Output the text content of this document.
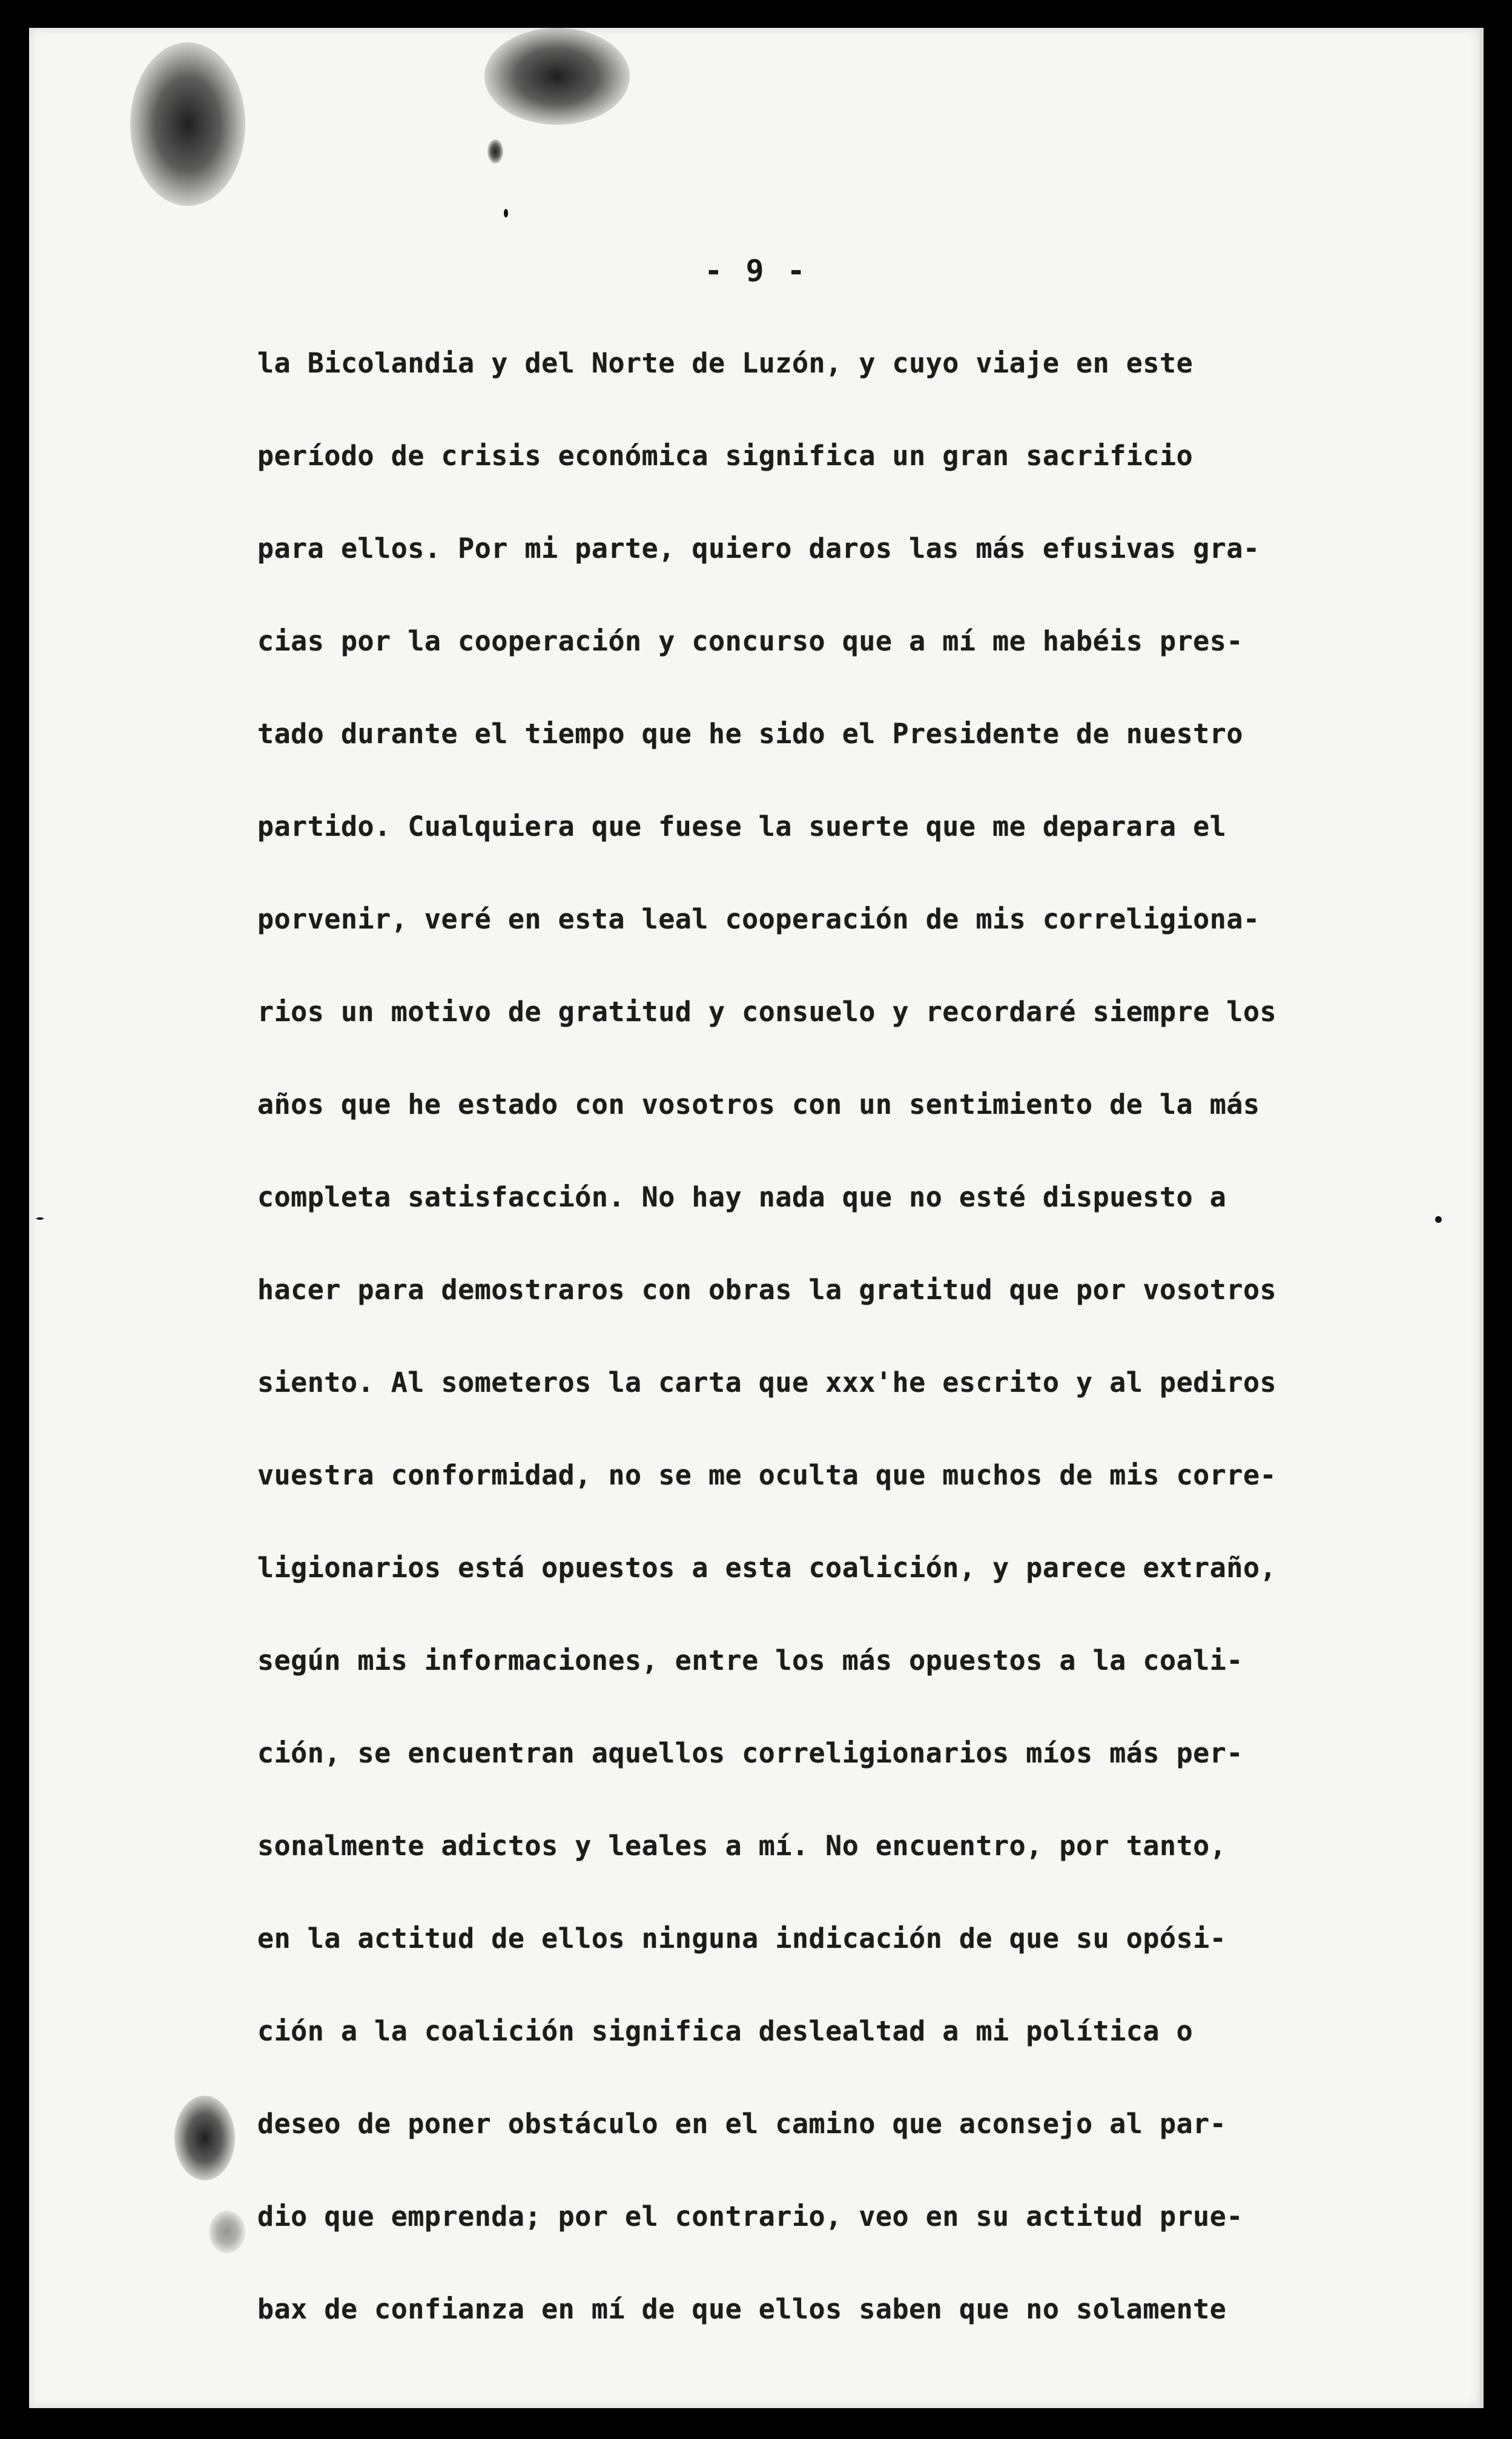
- 9 -
la Bicolandia y del Norte de Luzón, y cuyo viaje en este
período de crisis económica significa un gran sacrificio
para ellos. Por mi parte, quiero daros las más efusivas gra-
cias por la cooperación y concurso que a mí me habéis pres-
tado durante el tiempo que he sido el Presidente de nuestro
partido. Cualquiera que fuese la suerte que me deparara el
porvenir, veré en esta leal cooperación de mis correligiona-
rios un motivo de gratitud y consuelo y recordaré siempre los
años que he estado con vosotros con un sentimiento de la más
completa satisfacción. No hay nada que no esté dispuesto a
hacer para demostraros con obras la gratitud que por vosotros
siento. Al someteros la carta que xxx'he escrito y al pediros
vuestra conformidad, no se me oculta que muchos de mis corre-
ligionarios está opuestos a esta coalición, y parece extraño,
según mis informaciones, entre los más opuestos a la coali-
ción, se encuentran aquellos correligionarios míos más per-
sonalmente adictos y leales a mí. No encuentro, por tanto,
en la actitud de ellos ninguna indicación de que su opósi-
ción a la coalición significa deslealtad a mi política o
deseo de poner obstáculo en el camino que aconsejo al par-
dio que emprenda; por el contrario, veo en su actitud prue-
bax de confianza en mí de que ellos saben que no solamente
